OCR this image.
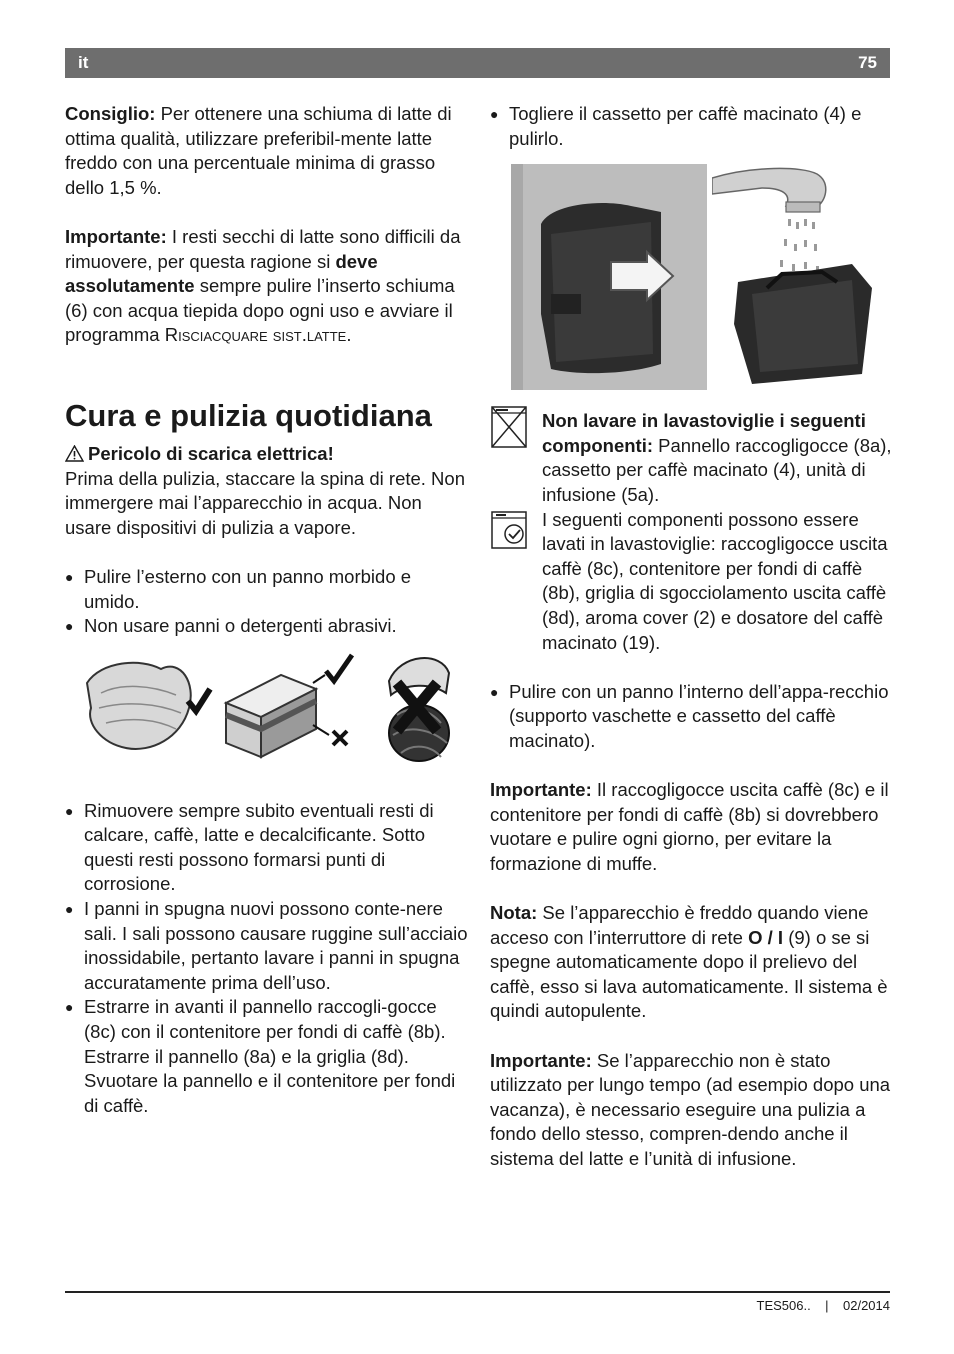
it	75

Consiglio: Per ottenere una schiuma di latte di ottima qualità, utilizzare preferibil-mente latte freddo con una percentuale minima di grasso dello 1,5 %.

Importante: I resti secchi di latte sono difficili da rimuovere, per questa ragione si deve assolutamente sempre pulire l’inserto schiuma (6) con acqua tiepida dopo ogni uso e avviare il programma Risciacquare sist.latte.

Cura e pulizia quotidiana

Pericolo di scarica elettrica!

Prima della pulizia, staccare la spina di rete. Non immergere mai l’apparecchio in acqua. Non usare dispositivi di pulizia a vapore.

● Pulire l’esterno con un panno morbido e umido.
● Non usare panni o detergenti abrasivi.
● Rimuovere sempre subito eventuali resti di calcare, caffè, latte e decalcificante. Sotto questi resti possono formarsi punti di corrosione.
● I panni in spugna nuovi possono conte-nere sali. I sali possono causare ruggine sull’acciaio inossidabile, pertanto lavare i panni in spugna accuratamente prima dell’uso.
● Estrarre in avanti il pannello raccogli-gocce (8c) con il contenitore per fondi di caffè (8b). Estrarre il pannello (8a) e la griglia (8d). Svuotare la pannello e il contenitore per fondi di caffè.
● Togliere il cassetto per caffè macinato (4) e pulirlo.

Non lavare in lavastoviglie i seguenti componenti: Pannello raccogligocce (8a), cassetto per caffè macinato (4), unità di infusione (5a).

I seguenti componenti possono essere lavati in lavastoviglie: raccogligocce uscita caffè (8c), contenitore per fondi di caffè (8b), griglia di sgocciolamento uscita caffè (8d), aroma cover (2) e dosatore del caffè macinato (19).

● Pulire con un panno l’interno dell’appa-recchio (supporto vaschette e cassetto del caffè macinato).

Importante: Il raccogligocce uscita caffè (8c) e il contenitore per fondi di caffè (8b) si dovrebbero vuotare e pulire ogni giorno, per evitare la formazione di muffe.

Nota: Se l’apparecchio è freddo quando viene acceso con l’interruttore di rete O / I (9) o se si spegne automaticamente dopo il prelievo del caffè, esso si lava automaticamente. Il sistema è quindi autopulente.

Importante: Se l’apparecchio non è stato utilizzato per lungo tempo (ad esempio dopo una vacanza), è necessario eseguire una pulizia a fondo dello stesso, compren-dendo anche il sistema del latte e l’unità di infusione.

TES506.. | 02/2014
